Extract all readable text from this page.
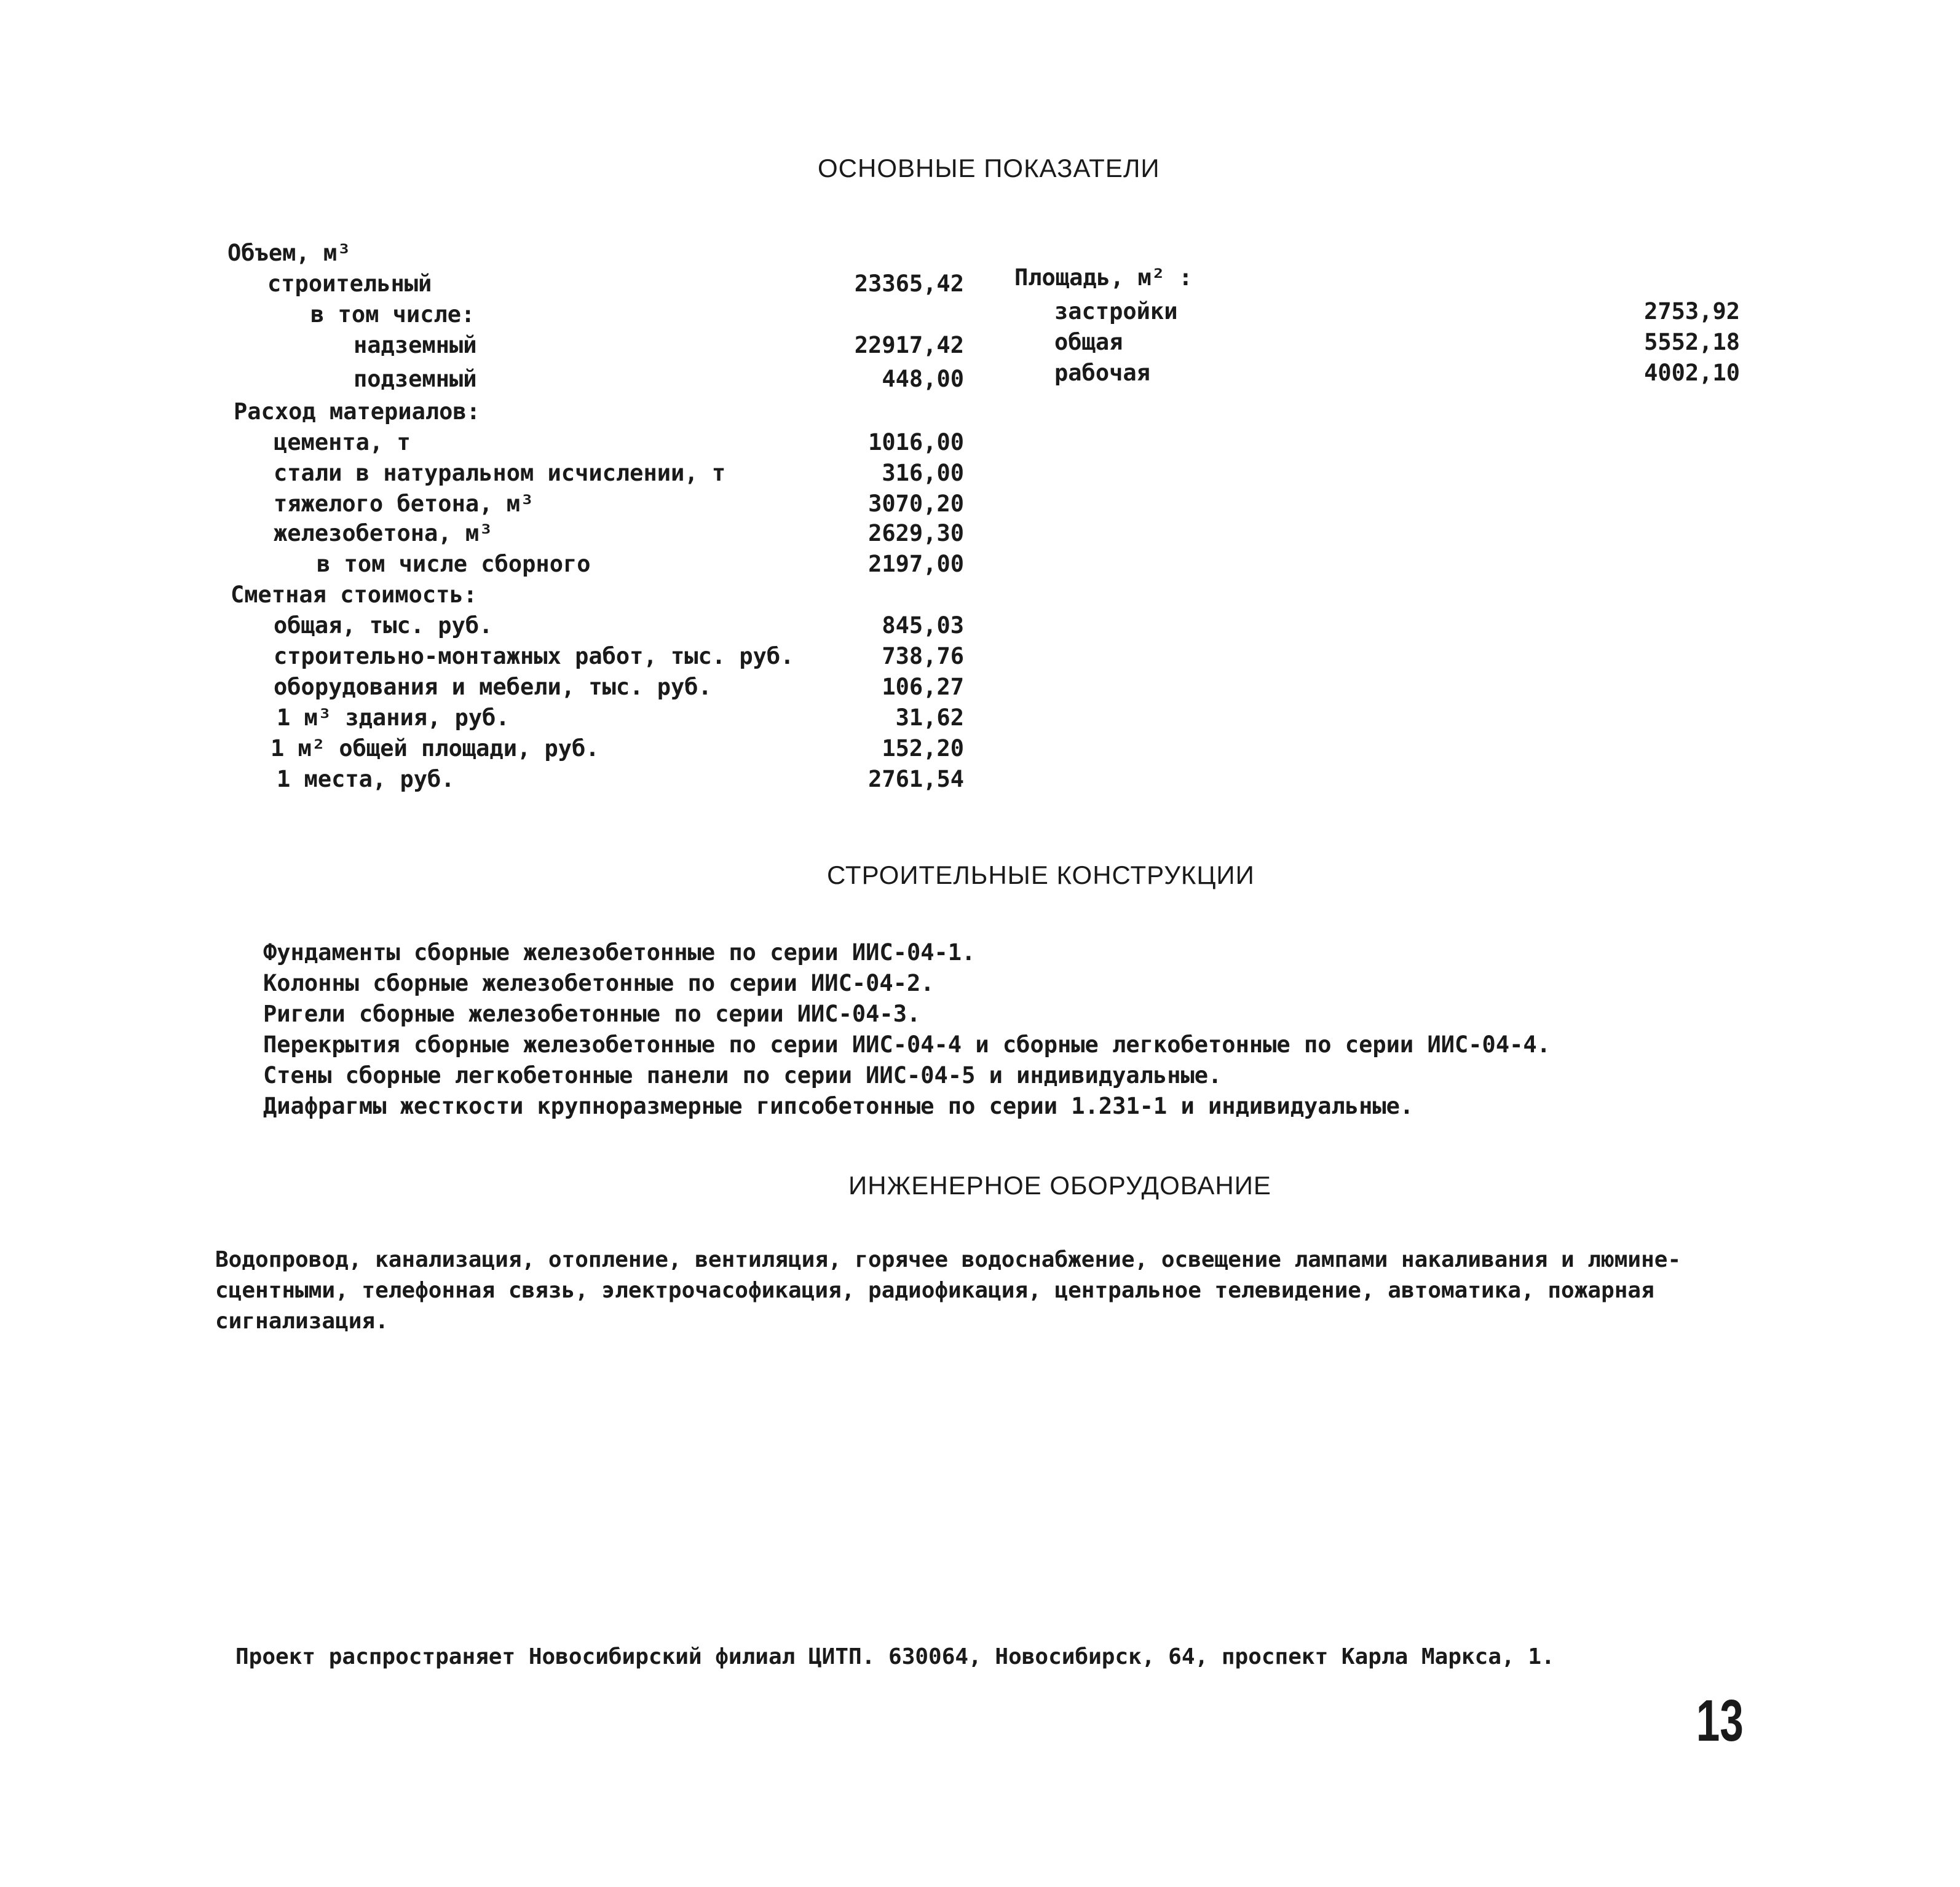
ОСНОВНЫЕ ПОКАЗАТЕЛИ
Объем, м³
строительный	23365,42
в том числе:
надземный	22917,42
подземный	448,00
Расход материалов:
цемента, т	1016,00
стали в натуральном исчислении, т	316,00
тяжелого бетона, м³	3070,20
железобетона, м³	2629,30
в том числе сборного	2197,00
Сметная стоимость:
общая, тыс. руб.	845,03
строительно-монтажных работ, тыс. руб.	738,76
оборудования и мебели, тыс. руб.	106,27
1 м³ здания, руб.	31,62
1 м² общей площади, руб.	152,20
1 места, руб.	2761,54
Площадь, м² :
застройки	2753,92
общая	5552,18
рабочая	4002,10
СТРОИТЕЛЬНЫЕ КОНСТРУКЦИИ
Фундаменты сборные железобетонные по серии ИИС-04-1.
Колонны сборные железобетонные по серии ИИС-04-2.
Ригели сборные железобетонные по серии ИИС-04-3.
Перекрытия сборные железобетонные по серии ИИС-04-4 и сборные легкобетонные по серии ИИС-04-4.
Стены сборные легкобетонные панели по серии ИИС-04-5 и индивидуальные.
Диафрагмы жесткости крупноразмерные гипсобетонные по серии 1.231-1 и индивидуальные.
ИНЖЕНЕРНОЕ ОБОРУДОВАНИЕ
Водопровод, канализация, отопление, вентиляция, горячее водоснабжение, освещение лампами накаливания и люмине-
сцентными, телефонная связь, электрочасофикация, радиофикация, центральное телевидение, автоматика, пожарная
сигнализация.
Проект распространяет Новосибирский филиал ЦИТП. 630064, Новосибирск, 64, проспект Карла Маркса, 1.
13
